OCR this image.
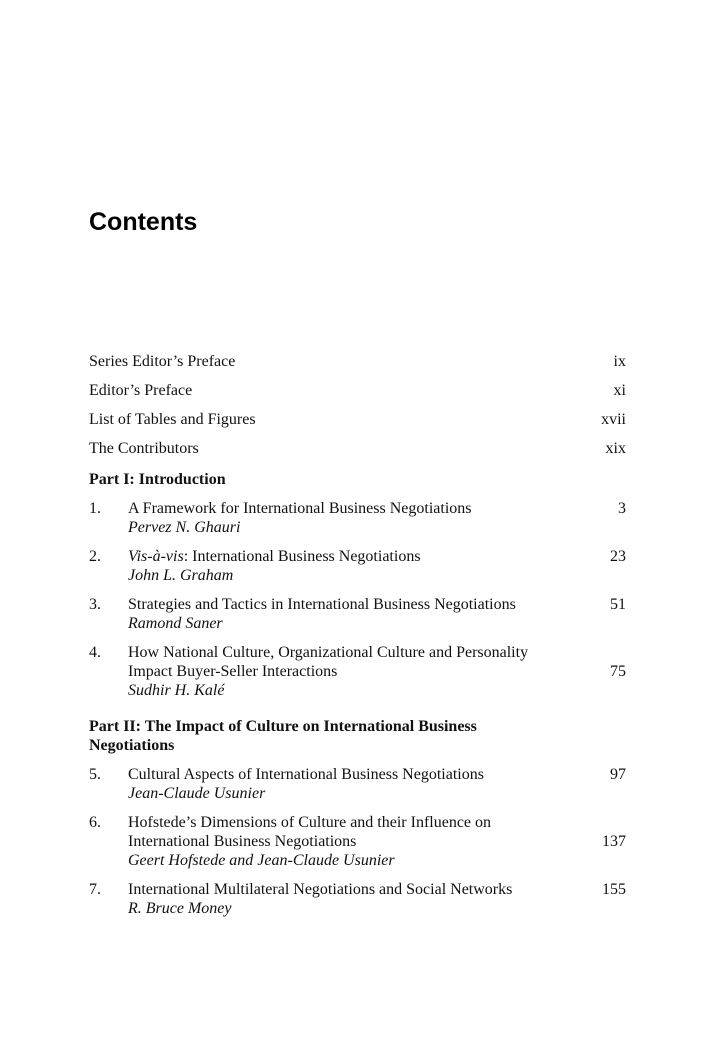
Contents
Series Editor’s Preface	ix
Editor’s Preface	xi
List of Tables and Figures	xvii
The Contributors	xix
Part I: Introduction
1.	A Framework for International Business Negotiations	3
Pervez N. Ghauri
2.	Vis-à-vis: International Business Negotiations	23
John L. Graham
3.	Strategies and Tactics in International Business Negotiations	51
Ramond Saner
4.	How National Culture, Organizational Culture and Personality
Impact Buyer-Seller Interactions	75
Sudhir H. Kalé
Part II: The Impact of Culture on International Business
Negotiations
5.	Cultural Aspects of International Business Negotiations	97
Jean-Claude Usunier
6.	Hofstede’s Dimensions of Culture and their Influence on
International Business Negotiations	137
Geert Hofstede and Jean-Claude Usunier
7.	International Multilateral Negotiations and Social Networks	155
R. Bruce Money
